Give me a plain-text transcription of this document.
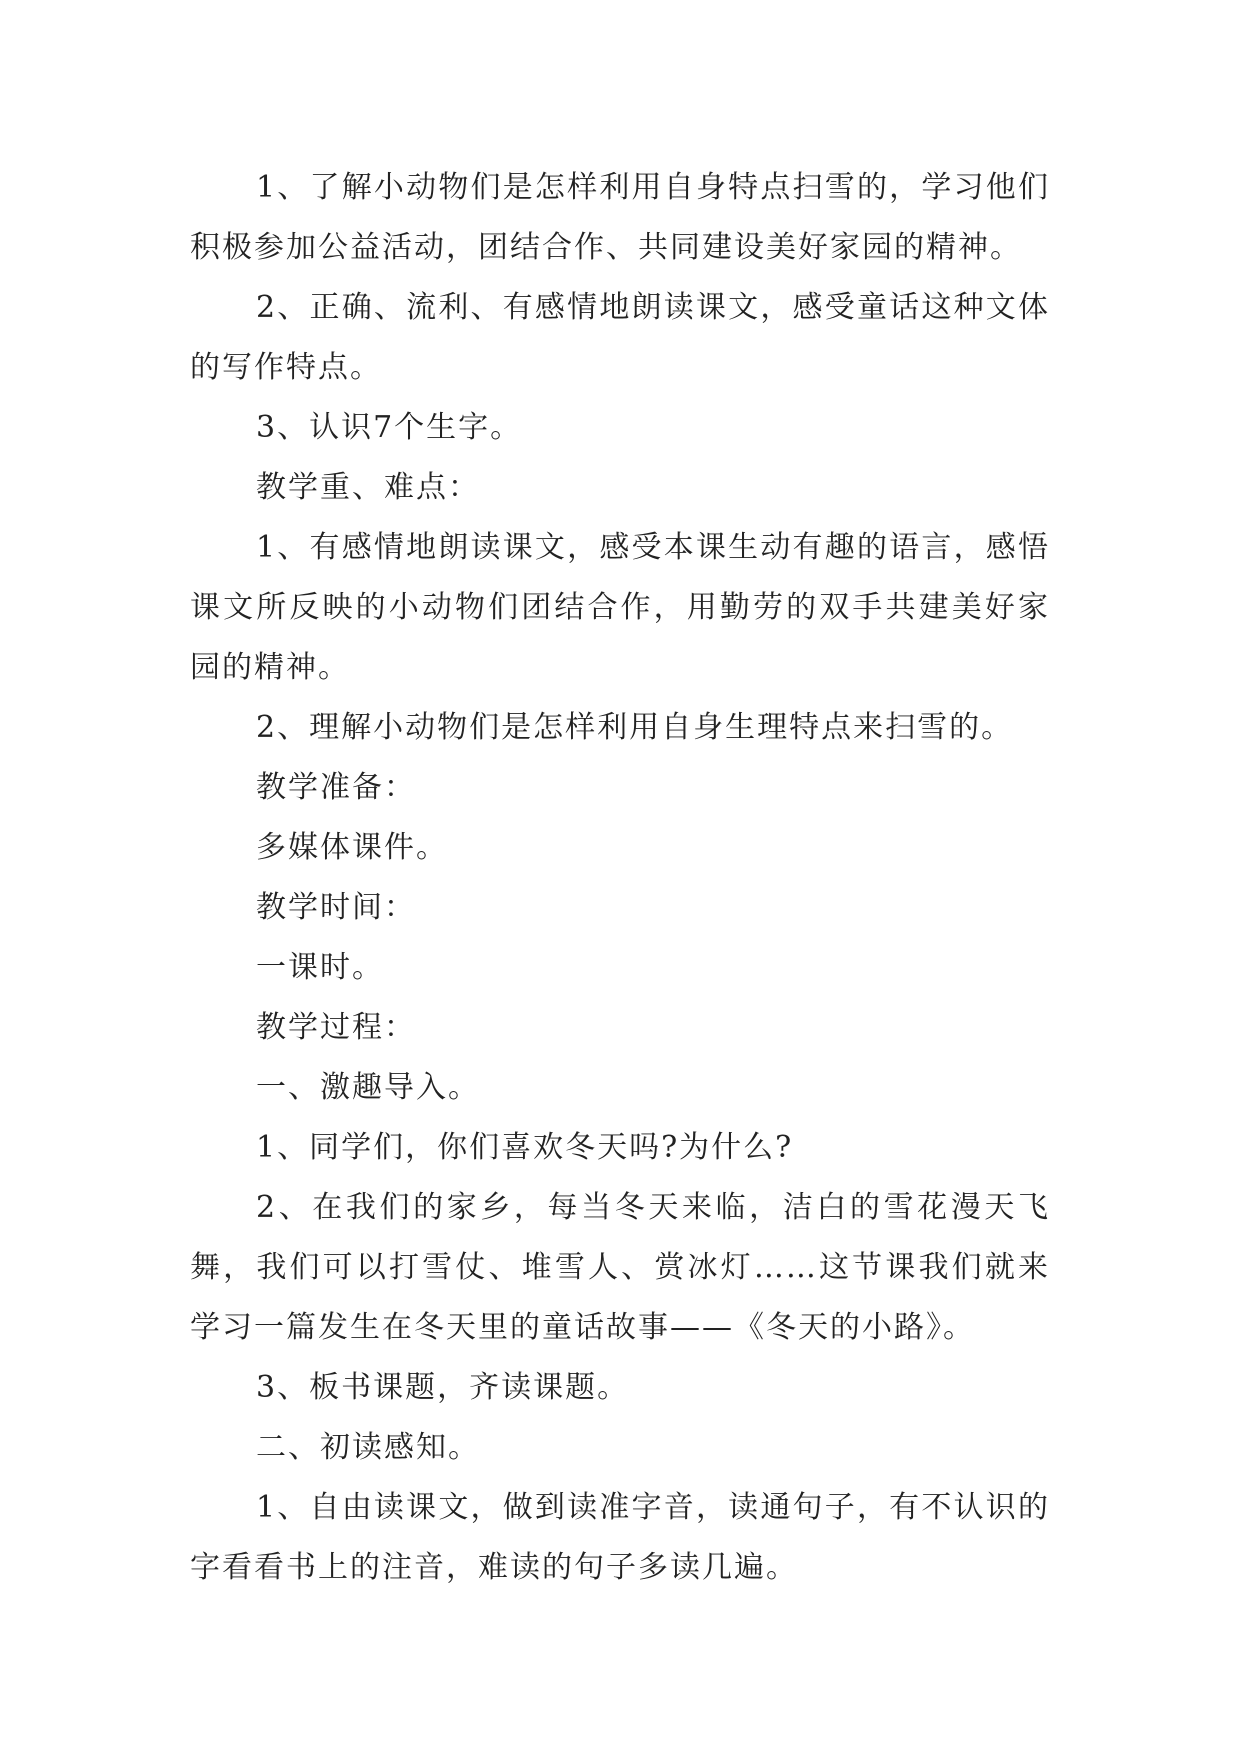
1、了解小动物们是怎样利用自身特点扫雪的，学习他们积极参加公益活动，团结合作、共同建设美好家园的精神。

2、正确、流利、有感情地朗读课文，感受童话这种文体的写作特点。

3、认识7个生字。

教学重、难点：

1、有感情地朗读课文，感受本课生动有趣的语言，感悟课文所反映的小动物们团结合作，用勤劳的双手共建美好家园的精神。

2、理解小动物们是怎样利用自身生理特点来扫雪的。

教学准备：

多媒体课件。

教学时间：

一课时。

教学过程：

一、激趣导入。

1、同学们，你们喜欢冬天吗?为什么?

2、在我们的家乡，每当冬天来临，洁白的雪花漫天飞舞，我们可以打雪仗、堆雪人、赏冰灯……这节课我们就来学习一篇发生在冬天里的童话故事——《冬天的小路》。

3、板书课题，齐读课题。

二、初读感知。

1、自由读课文，做到读准字音，读通句子，有不认识的字看看书上的注音，难读的句子多读几遍。
